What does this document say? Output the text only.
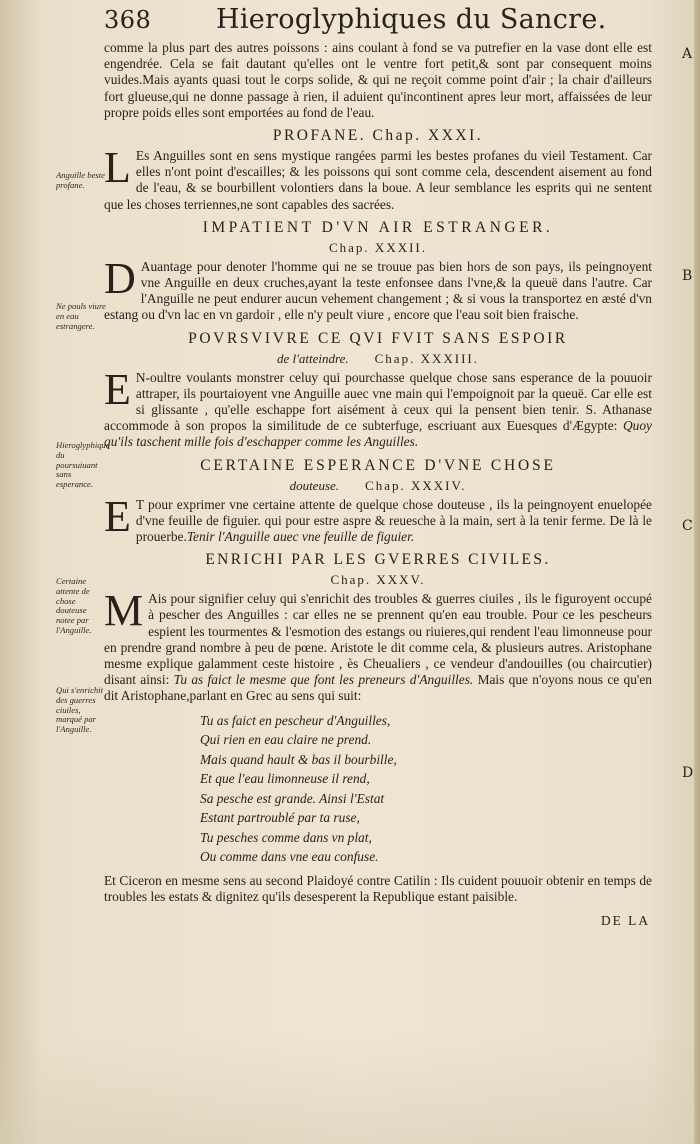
368 Hieroglyphiques du Sancre.

comme la plus part des autres poissons : ains coulant à fond se va putrefier en la vase dont elle est engendrée. Cela se fait dautant qu'elles ont le ventre fort petit,& sont par consequent moins vuides.Mais ayants quasi tout le corps solide, & qui ne reçoit comme point d'air ; la chair d'ailleurs fort glueuse,qui ne donne passage à rien, il aduient qu'incontinent apres leur mort, affaissées de leur propre poids elles sont emportées au fond de l'eau.

PROFANE. Chap. XXXI.

L Es Anguilles sont en sens mystique rangées parmi les bestes profanes du vieil Testament. Car elles n'ont point d'escailles; & les poissons qui sont comme cela, descendent aisement au fond de l'eau, & se bourbillent volontiers dans la boue. A leur semblance les esprits qui ne sentent que les choses terriennes,ne sont capables des sacrées.

IMPATIENT D'VN AIR ESTRANGER.
Chap. XXXII.

D Auantage pour denoter l'homme qui ne se trouue pas bien hors de son pays, ils peingnoyent vne Anguille en deux cruches,ayant la teste enfonsee dans l'vne,& la queuë dans l'autre. Car l'Anguille ne peut endurer aucun vehement changement ; & si vous la transportez en æsté d'vn estang ou d'vn lac en vn gardoir , elle n'y peult viure , encore que l'eau soit bien fraische.

POVRSVIVRE CE QVI FVIT SANS ESPOIR
de l'atteindre. Chap. XXXIII.

E N-oultre voulants monstrer celuy qui pourchasse quelque chose sans esperance de la pouuoir attraper, ils pourtaioyent vne Anguille auec vne main qui l'empoignoit par la queuë. Car elle est si glissante , qu'elle eschappe fort aisément à ceux qui la pensent bien tenir. S. Athanase accommode à son propos la similitude de ce subterfuge, escriuant aux Euesques d'Ægypte: Quoy qu'ils taschent mille fois d'eschapper comme les Anguilles.

CERTAINE ESPERANCE D'VNE CHOSE
douteuse. Chap. XXXIV.

E T pour exprimer vne certaine attente de quelque chose douteuse , ils la peingnoyent enuelopée d'vne feuille de figuier. qui pour estre aspre & reuesche à la main, sert à la tenir ferme. De là le prouerbe.Tenir l'Anguille auec vne feuille de figuier.

ENRICHI PAR LES GVERRES CIVILES.
Chap. XXXV.

M Ais pour signifier celuy qui s'enrichit des troubles & guerres ciuiles , ils le figuroyent occupé à pescher des Anguilles : car elles ne se prennent qu'en eau trouble. Pour ce les pescheurs espient les tourmentes & l'esmotion des estangs ou riuieres,qui rendent l'eau limonneuse pour en prendre grand nombre à peu de pœne. Aristote le dit comme cela, & plusieurs autres. Aristophane mesme explique galamment ceste histoire , ès Cheualiers , ce vendeur d'andouilles (ou chaircutier) disant ainsi: Tu as faict le mesme que font les preneurs d'Anguilles. Mais que n'oyons nous ce qu'en dit Aristophane,parlant en Grec au sens qui suit:

Tu as faict en pescheur d'Anguilles,
Qui rien en eau claire ne prend.
Mais quand hault & bas il bourbille,
Et que l'eau limonneuse il rend,
Sa pesche est grande. Ainsi l'Estat
Estant partroublé par ta ruse,
Tu pesches comme dans vn plat,
Ou comme dans vne eau confuse.

Et Ciceron en mesme sens au second Plaidoyé contre Catilin : Ils cuident pouuoir obtenir en temps de troubles les estats & dignitez qu'ils desesperent la Republique estant paisible.

DE LA
Anguille beste profane.
Ne pouls viure en eau estrangere.
Hieroglyphique du poursuiuant sans esperance.
Certaine attente de chose douteuse notee par l'Anguille.
Qui s'enrichit des guerres ciuiles, marqué par l'Anguille.
A
B
C
D
